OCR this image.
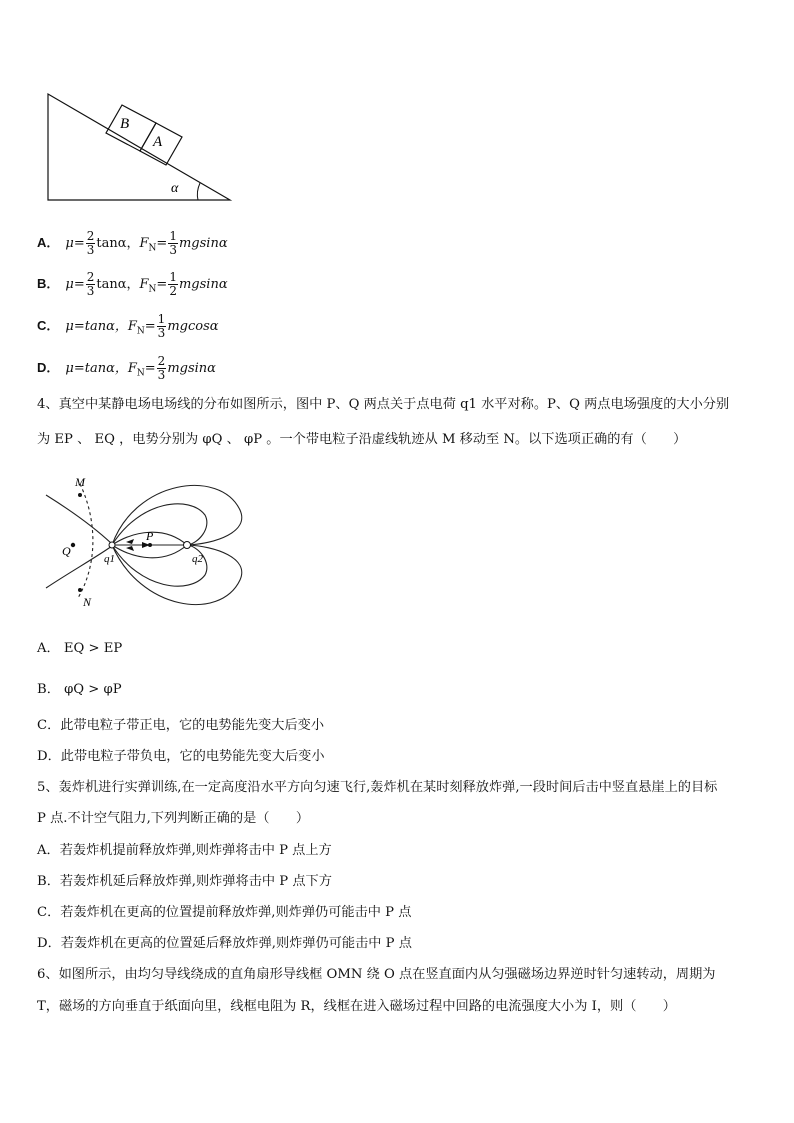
B
A
α
A． $\mu= \frac{2}{3}$ tanα，$F_N= \frac{1}{3}$ mgsinα
B． $\mu= \frac{2}{3}$ tanα，$F_N= \frac{1}{2}$ mgsinα
C． μ=tanα，$F_N= \frac{1}{3}$ mgcosα
D． μ=tanα，$F_N= \frac{2}{3}$ mgsinα
4、真空中某静电场电场线的分布如图所示，图中 P、Q 两点关于点电荷 q1 水平对称。P、Q 两点电场强度的大小分别
为 EP 、 EQ ，电势分别为 φQ 、 φP 。一个带电粒子沿虚线轨迹从 M 移动至 N。以下选项正确的有（　　）
M
Q
P
N
q1	q2
A． EQ > EP
B． φQ > φP
C．此带电粒子带正电，它的电势能先变大后变小
D．此带电粒子带负电，它的电势能先变大后变小
5、轰炸机进行实弹训练,在一定高度沿水平方向匀速飞行,轰炸机在某时刻释放炸弹,一段时间后击中竖直悬崖上的目标
P 点.不计空气阻力,下列判断正确的是（　　）
A．若轰炸机提前释放炸弹,则炸弹将击中 P 点上方
B．若轰炸机延后释放炸弹,则炸弹将击中 P 点下方
C．若轰炸机在更高的位置提前释放炸弹,则炸弹仍可能击中 P 点
D．若轰炸机在更高的位置延后释放炸弹,则炸弹仍可能击中 P 点
6、如图所示，由均匀导线绕成的直角扇形导线框 OMN 绕 O 点在竖直面内从匀强磁场边界逆时针匀速转动，周期为
T，磁场的方向垂直于纸面向里，线框电阻为 R，线框在进入磁场过程中回路的电流强度大小为 I，则（　　）
